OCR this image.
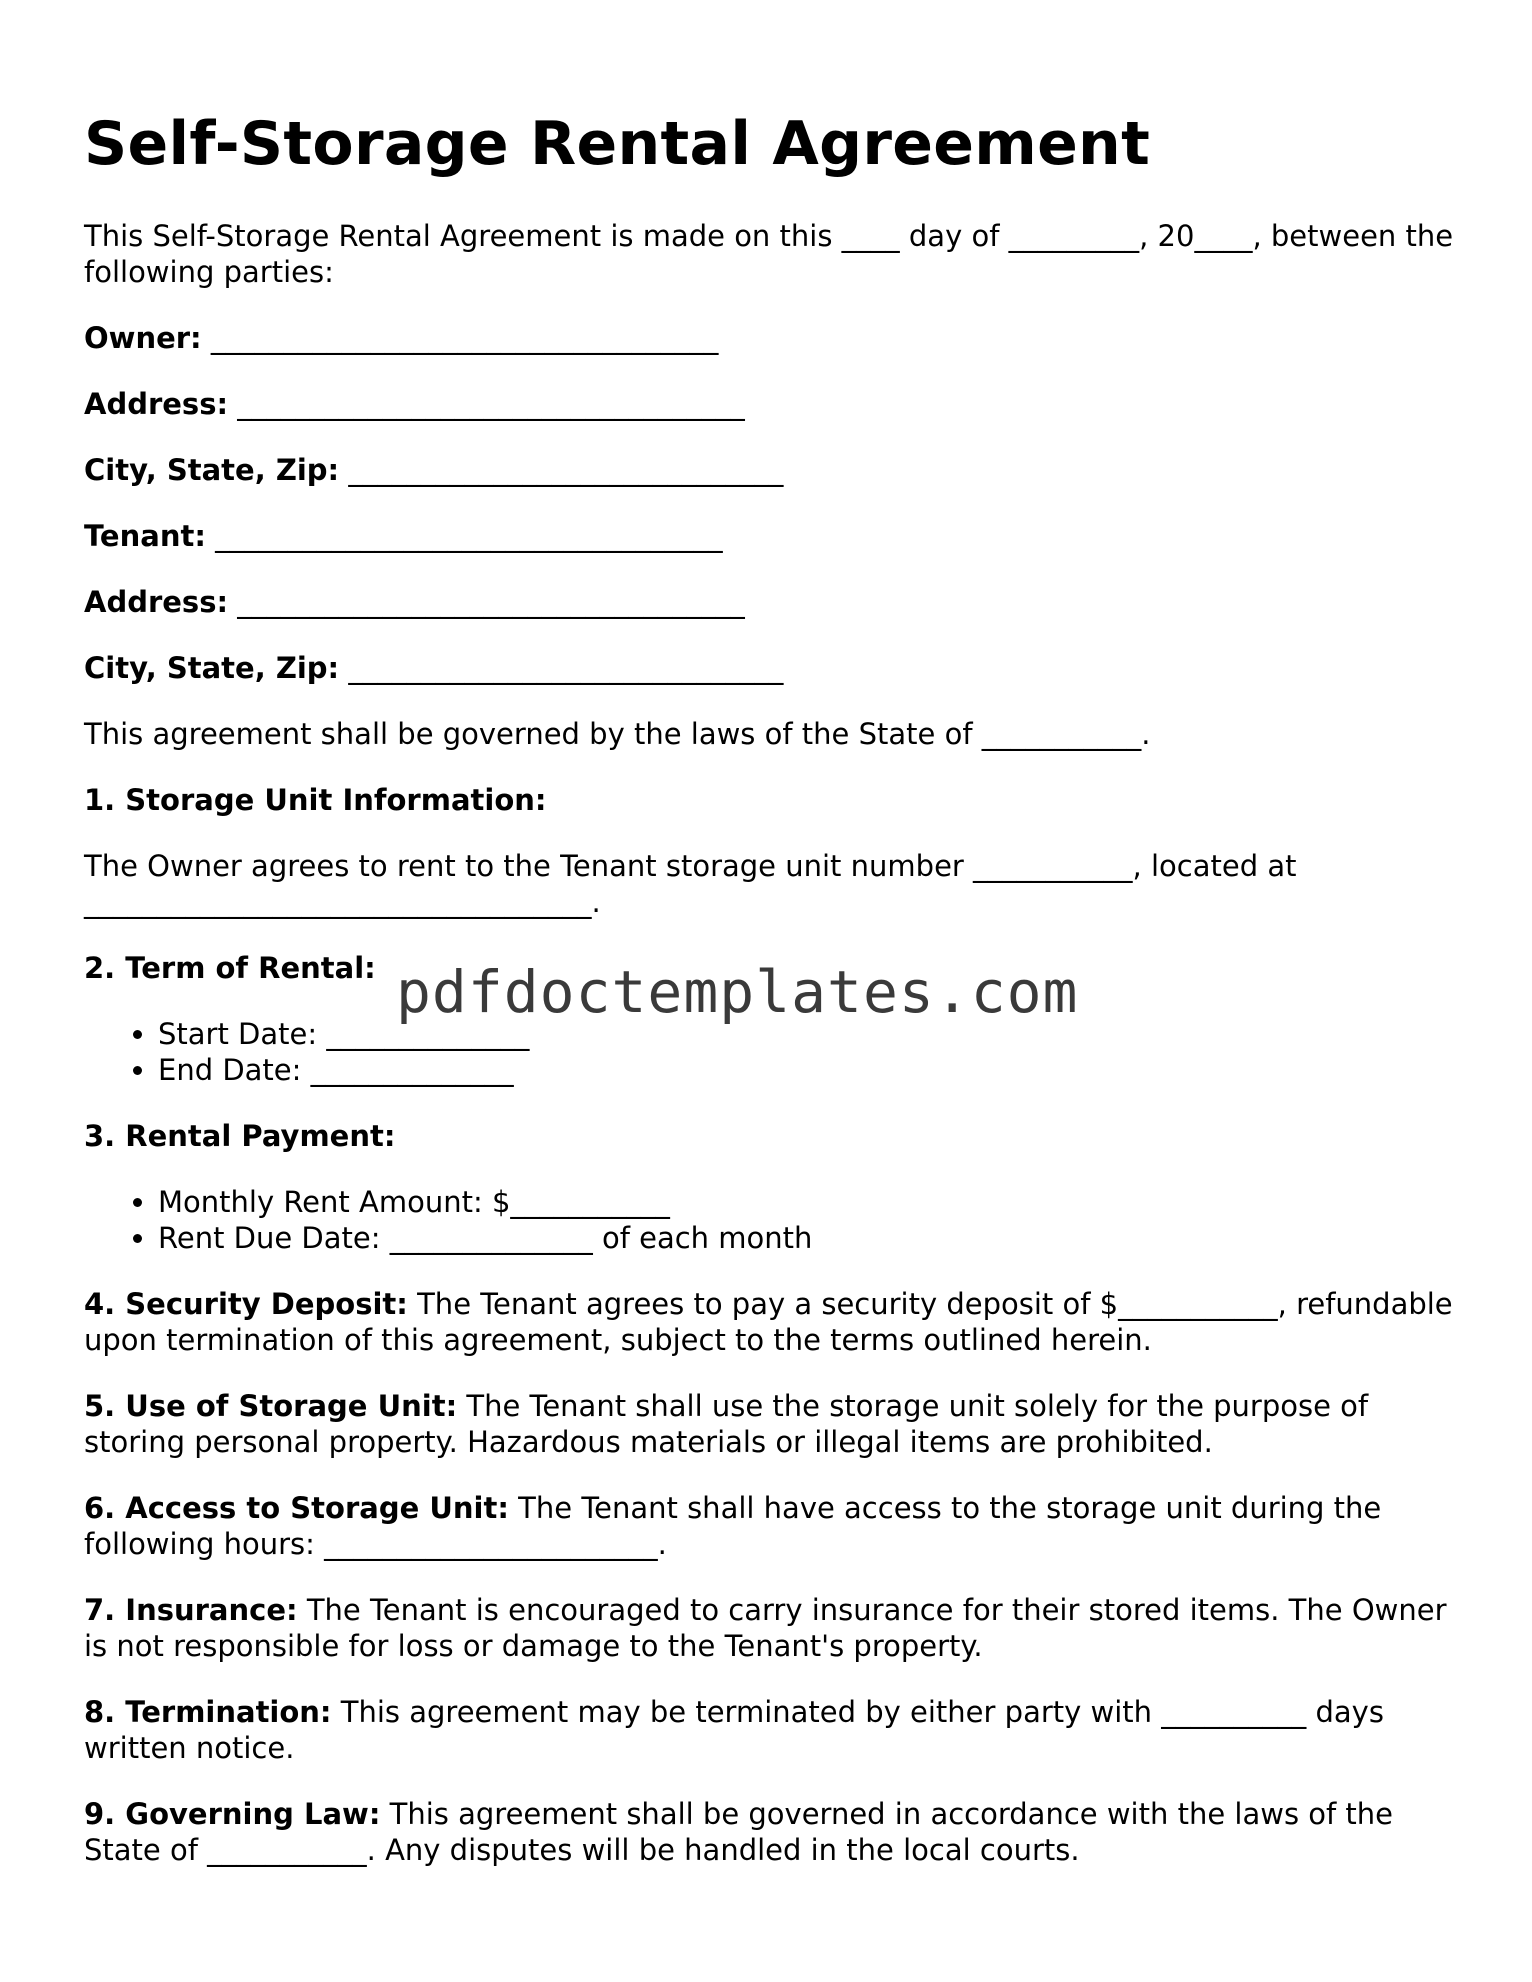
Self-Storage Rental Agreement

This Self-Storage Rental Agreement is made on this ____ day of _________, 20____, between the following parties:

Owner: ___________________________________

Address: ___________________________________

City, State, Zip: ______________________________

Tenant: ___________________________________

Address: ___________________________________

City, State, Zip: ______________________________

This agreement shall be governed by the laws of the State of ___________.

1. Storage Unit Information:

The Owner agrees to rent to the Tenant storage unit number ___________, located at ___________________________________.

2. Term of Rental:

• Start Date: ______________
• End Date: ______________

3. Rental Payment:

• Monthly Rent Amount: $___________
• Rent Due Date: ______________ of each month

4. Security Deposit: The Tenant agrees to pay a security deposit of $___________, refundable upon termination of this agreement, subject to the terms outlined herein.

5. Use of Storage Unit: The Tenant shall use the storage unit solely for the purpose of storing personal property. Hazardous materials or illegal items are prohibited.

6. Access to Storage Unit: The Tenant shall have access to the storage unit during the following hours: _______________________.

7. Insurance: The Tenant is encouraged to carry insurance for their stored items. The Owner is not responsible for loss or damage to the Tenant's property.

8. Termination: This agreement may be terminated by either party with __________ days written notice.

9. Governing Law: This agreement shall be governed in accordance with the laws of the State of ___________. Any disputes will be handled in the local courts.

pdfdoctemplates.com
